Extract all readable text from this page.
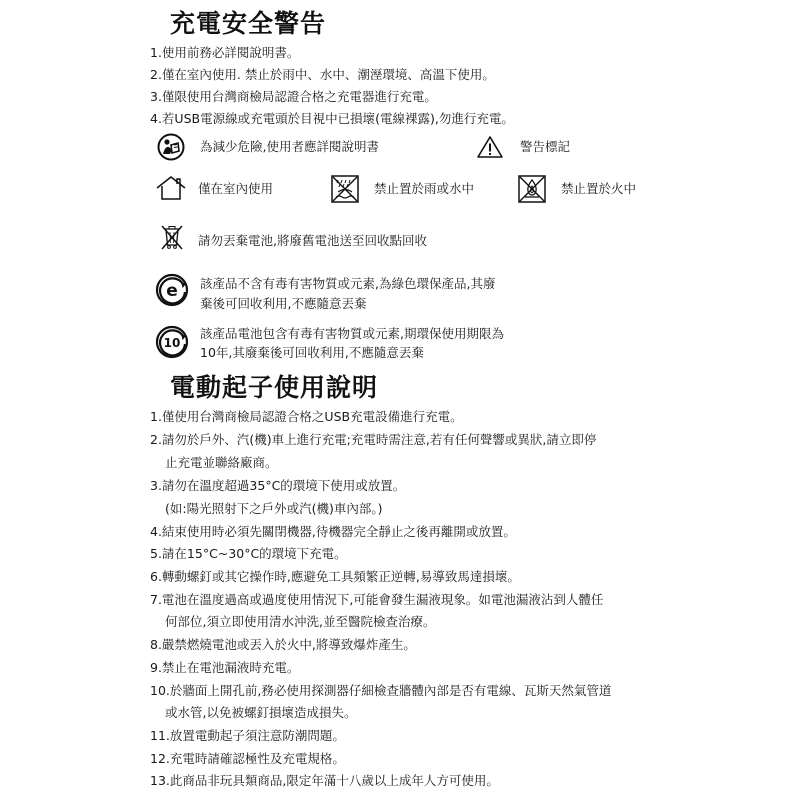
充電安全警告
1.使用前務必詳閱說明書。
2.僅在室內使用. 禁止於雨中、水中、潮溼環境、高溫下使用。
3.僅限使用台灣商檢局認證合格之充電器進行充電。
4.若USB電源線或充電頭於目視中已損壞(電線裸露),勿進行充電。
為減少危險,使用者應詳閱說明書	警告標記
僅在室內使用	禁止置於雨或水中	禁止置於火中
請勿丟棄電池,將廢舊電池送至回收點回收
e 該產品不含有毒有害物質或元素,為綠色環保產品,其廢
棄後可回收利用,不應隨意丟棄
10
該產品電池包含有毒有害物質或元素,期環保使用期限為
10年,其廢棄後可回收利用,不應隨意丟棄
電動起子使用說明
1.僅使用台灣商檢局認證合格之USB充電設備進行充電。
2.請勿於戶外、汽(機)車上進行充電;充電時需注意,若有任何聲響或異狀,請立即停
止充電並聯絡廠商。
3.請勿在溫度超過35°C的環境下使用或放置。
(如:陽光照射下之戶外或汽(機)車內部。)
4.結束使用時必須先關閉機器,待機器完全靜止之後再離開或放置。
5.請在15°C~30°C的環境下充電。
6.轉動螺釘或其它操作時,應避免工具頻繁正逆轉,易導致馬達損壞。
7.電池在溫度過高或過度使用情況下,可能會發生漏液現象。如電池漏液沾到人體任
何部位,須立即使用清水沖洗,並至醫院檢查治療。
8.嚴禁燃燒電池或丟入於火中,將導致爆炸產生。
9.禁止在電池漏液時充電。
10.於牆面上開孔前,務必使用探測器仔細檢查牆體內部是否有電線、瓦斯天然氣管道
或水管,以免被螺釘損壞造成損失。
11.放置電動起子須注意防潮問題。
12.充電時請確認極性及充電規格。
13.此商品非玩具類商品,限定年滿十八歲以上成年人方可使用。
